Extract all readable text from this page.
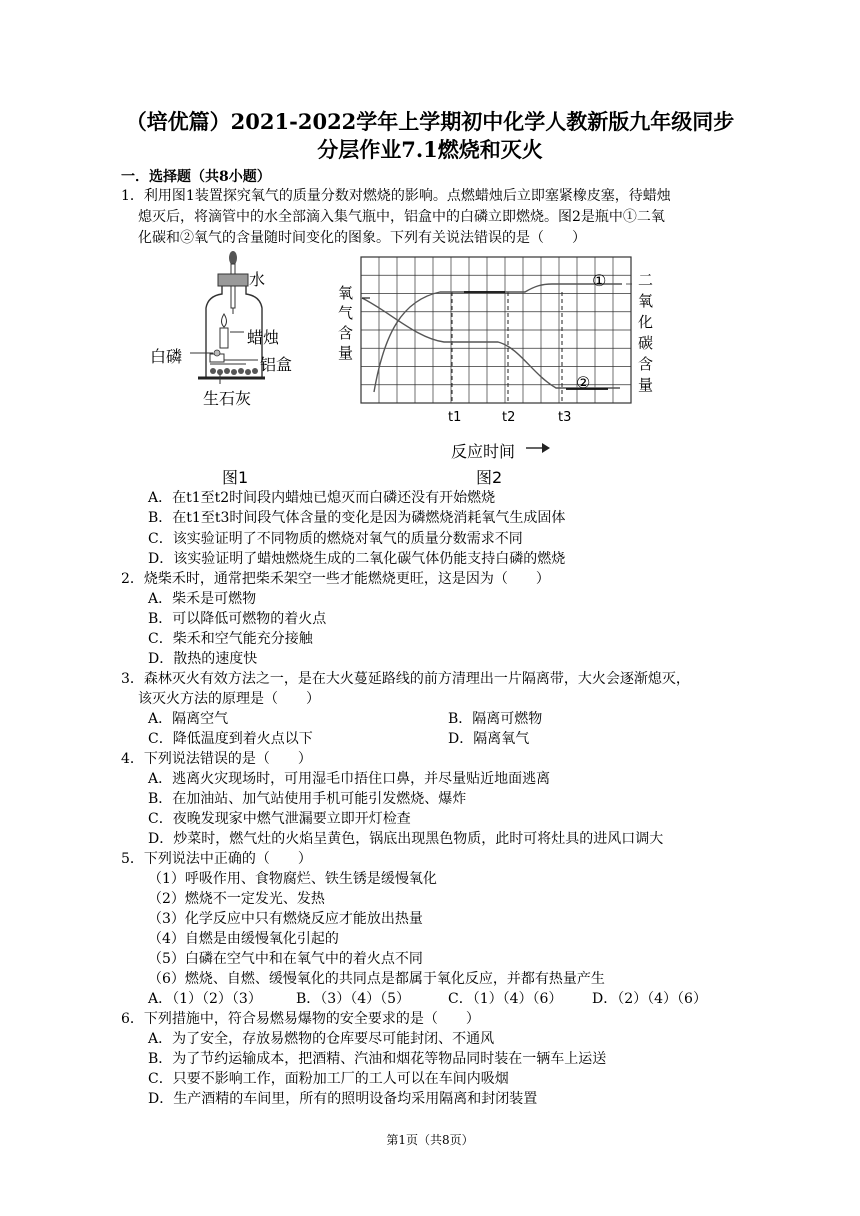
（培优篇）2021-2022学年上学期初中化学人教新版九年级同步
分层作业7.1燃烧和灭火
一．选择题（共8小题）
1．利用图1装置探究氧气的质量分数对燃烧的影响。点燃蜡烛后立即塞紧橡皮塞，待蜡烛
熄灭后，将滴管中的水全部滴入集气瓶中，铝盒中的白磷立即燃烧。图2是瓶中①二氧
化碳和②氧气的含量随时间变化的图象。下列有关说法错误的是（　　）
水
蜡烛
白磷	铝盒
生石灰
图1
氧气含量
二氧化碳含量
①
②
t1	t2	t3
反应时间
图2
A．在t1至t2时间段内蜡烛已熄灭而白磷还没有开始燃烧
B．在t1至t3时间段气体含量的变化是因为磷燃烧消耗氧气生成固体
C．该实验证明了不同物质的燃烧对氧气的质量分数需求不同
D．该实验证明了蜡烛燃烧生成的二氧化碳气体仍能支持白磷的燃烧
2．烧柴禾时，通常把柴禾架空一些才能燃烧更旺，这是因为（　　）
A．柴禾是可燃物
B．可以降低可燃物的着火点
C．柴禾和空气能充分接触
D．散热的速度快
3．森林灭火有效方法之一，是在大火蔓延路线的前方清理出一片隔离带，大火会逐渐熄灭，
该灭火方法的原理是（　　）
A．隔离空气	B．隔离可燃物
C．降低温度到着火点以下	D．隔离氧气
4．下列说法错误的是（　　）
A．逃离火灾现场时，可用湿毛巾捂住口鼻，并尽量贴近地面逃离
B．在加油站、加气站使用手机可能引发燃烧、爆炸
C．夜晚发现家中燃气泄漏要立即开灯检查
D．炒菜时，燃气灶的火焰呈黄色，锅底出现黑色物质，此时可将灶具的进风口调大
5．下列说法中正确的（　　）
（1）呼吸作用、食物腐烂、铁生锈是缓慢氧化
（2）燃烧不一定发光、发热
（3）化学反应中只有燃烧反应才能放出热量
（4）自燃是由缓慢氧化引起的
（5）白磷在空气中和在氧气中的着火点不同
（6）燃烧、自燃、缓慢氧化的共同点是都属于氧化反应，并都有热量产生
A．（1）（2）（3） B．（3）（4）（5）	C．（1）（4）（6） D．（2）（4）（6）
6．下列措施中，符合易燃易爆物的安全要求的是（　　）
A．为了安全，存放易燃物的仓库要尽可能封闭、不通风
B．为了节约运输成本，把酒精、汽油和烟花等物品同时装在一辆车上运送
C．只要不影响工作，面粉加工厂的工人可以在车间内吸烟
D．生产酒精的车间里，所有的照明设备均采用隔离和封闭装置
第1页（共8页）
